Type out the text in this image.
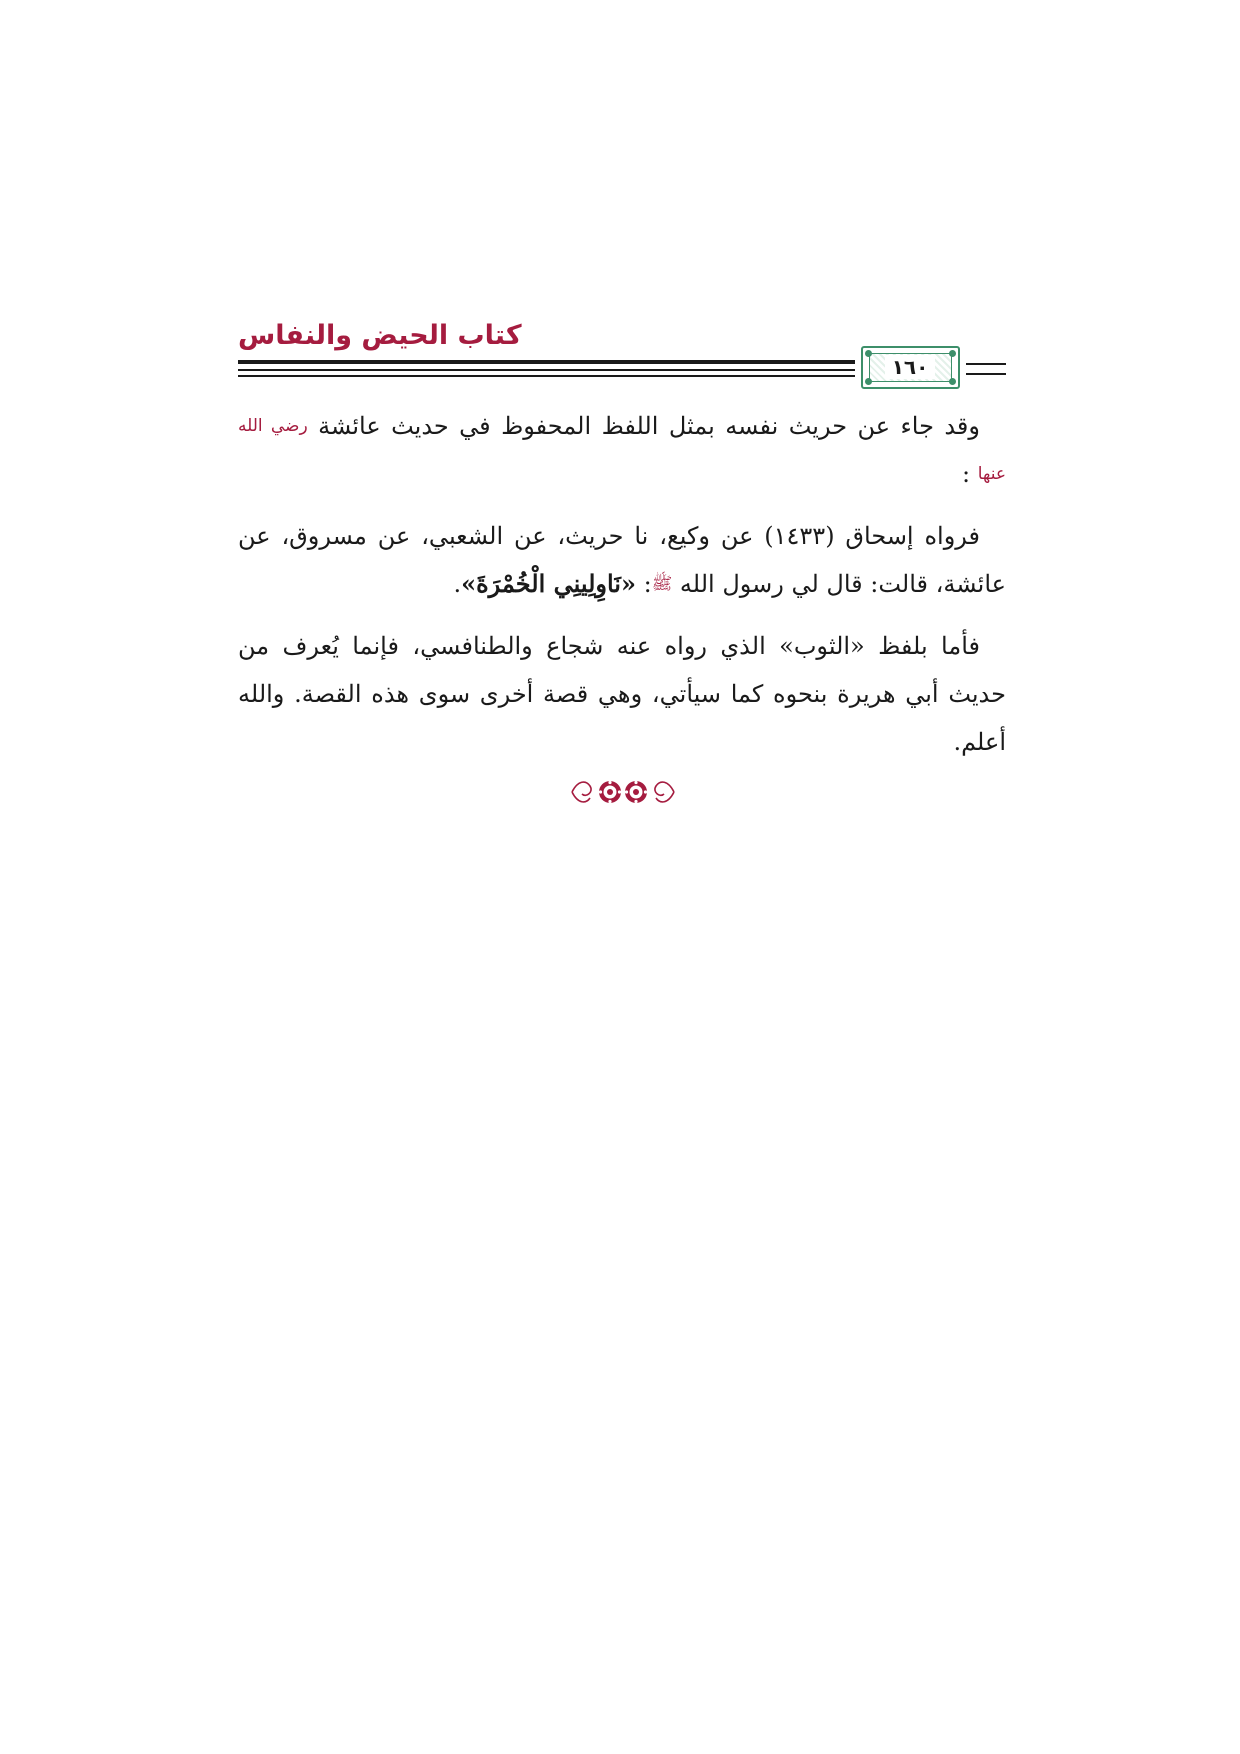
كتاب الحيض والنفاس
١٦٠

وقد جاء عن حريث نفسه بمثل اللفظ المحفوظ في حديث عائشة رضي الله عنها :

فرواه إسحاق (١٤٣٣) عن وكيع، نا حريث، عن الشعبي، عن مسروق، عن عائشة، قالت: قال لي رسول الله ﷺ: «نَاوِلِينِي الْخُمْرَةَ».

فأما بلفظ «الثوب» الذي رواه عنه شجاع والطنافسي، فإنما يُعرف من حديث أبي هريرة بنحوه كما سيأتي، وهي قصة أخرى سوى هذه القصة. والله أعلم.
